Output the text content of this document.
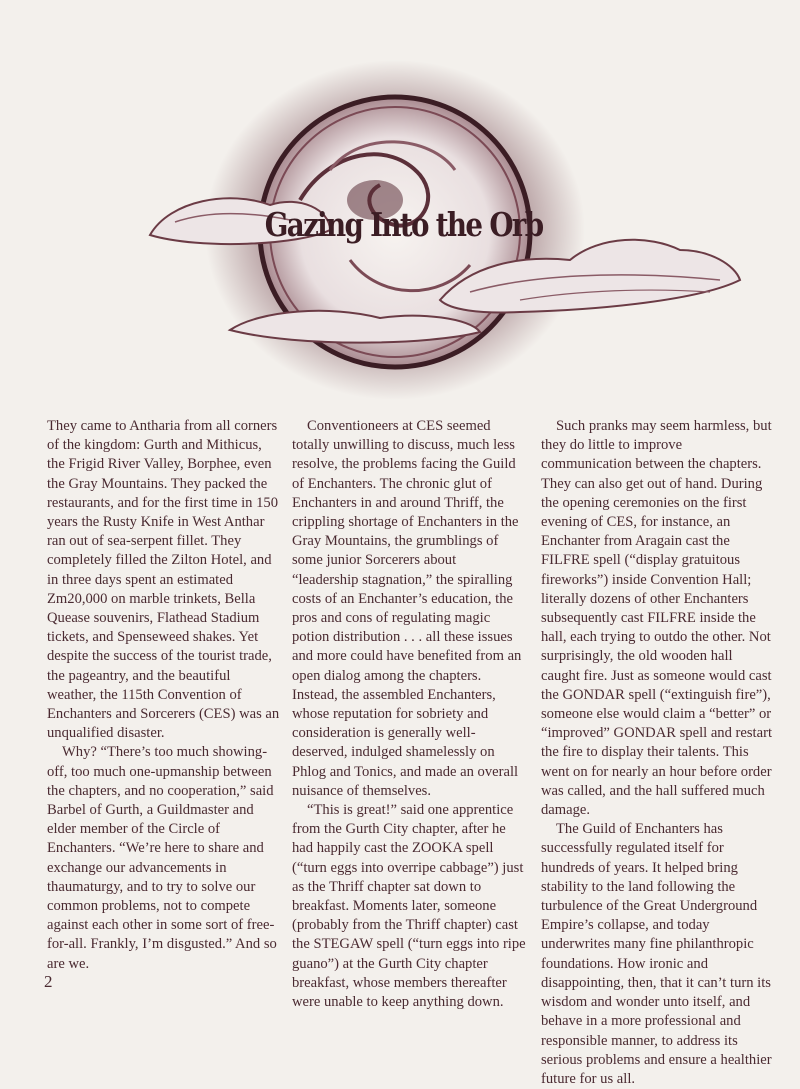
Gazing Into the Orb

They came to Antharia from all corners of the kingdom: Gurth and Mithicus, the Frigid River Valley, Borphee, even the Gray Mountains. They packed the restaurants, and for the first time in 150 years the Rusty Knife in West Anthar ran out of sea-serpent fillet. They completely filled the Zilton Hotel, and in three days spent an estimated Zm20,000 on marble trinkets, Bella Quease souvenirs, Flathead Stadium tickets, and Spenseweed shakes. Yet despite the success of the tourist trade, the pageantry, and the beautiful weather, the 115th Convention of Enchanters and Sorcerers (CES) was an unqualified disaster.

Why? “There’s too much showing-off, too much one-upmanship between the chapters, and no cooperation,” said Barbel of Gurth, a Guildmaster and elder member of the Circle of Enchanters. “We’re here to share and exchange our advancements in thaumaturgy, and to try to solve our common problems, not to compete against each other in some sort of free-for-all. Frankly, I’m disgusted.” And so are we.

Conventioneers at CES seemed totally unwilling to discuss, much less resolve, the problems facing the Guild of Enchanters. The chronic glut of Enchanters in and around Thriff, the crippling shortage of Enchanters in the Gray Mountains, the grumblings of some junior Sorcerers about “leadership stagnation,” the spiralling costs of an Enchanter’s education, the pros and cons of regulating magic potion distribution . . . all these issues and more could have benefited from an open dialog among the chapters. Instead, the assembled Enchanters, whose reputation for sobriety and consideration is generally well-deserved, indulged shamelessly on Phlog and Tonics, and made an overall nuisance of themselves.

“This is great!” said one apprentice from the Gurth City chapter, after he had happily cast the ZOOKA spell (“turn eggs into overripe cabbage”) just as the Thriff chapter sat down to breakfast. Moments later, someone (probably from the Thriff chapter) cast the STEGAW spell (“turn eggs into ripe guano”) at the Gurth City chapter breakfast, whose members thereafter were unable to keep anything down.

Such pranks may seem harmless, but they do little to improve communication between the chapters. They can also get out of hand. During the opening ceremonies on the first evening of CES, for instance, an Enchanter from Aragain cast the FILFRE spell (“display gratuitous fireworks”) inside Convention Hall; literally dozens of other Enchanters subsequently cast FILFRE inside the hall, each trying to outdo the other. Not surprisingly, the old wooden hall caught fire. Just as someone would cast the GONDAR spell (“extinguish fire”), someone else would claim a “better” or “improved” GONDAR spell and restart the fire to display their talents. This went on for nearly an hour before order was called, and the hall suffered much damage.

The Guild of Enchanters has successfully regulated itself for hundreds of years. It helped bring stability to the land following the turbulence of the Great Underground Empire’s collapse, and today underwrites many fine philanthropic foundations. How ironic and disappointing, then, that it can’t turn its wisdom and wonder unto itself, and behave in a more professional and responsible manner, to address its serious problems and ensure a healthier future for us all.

2
